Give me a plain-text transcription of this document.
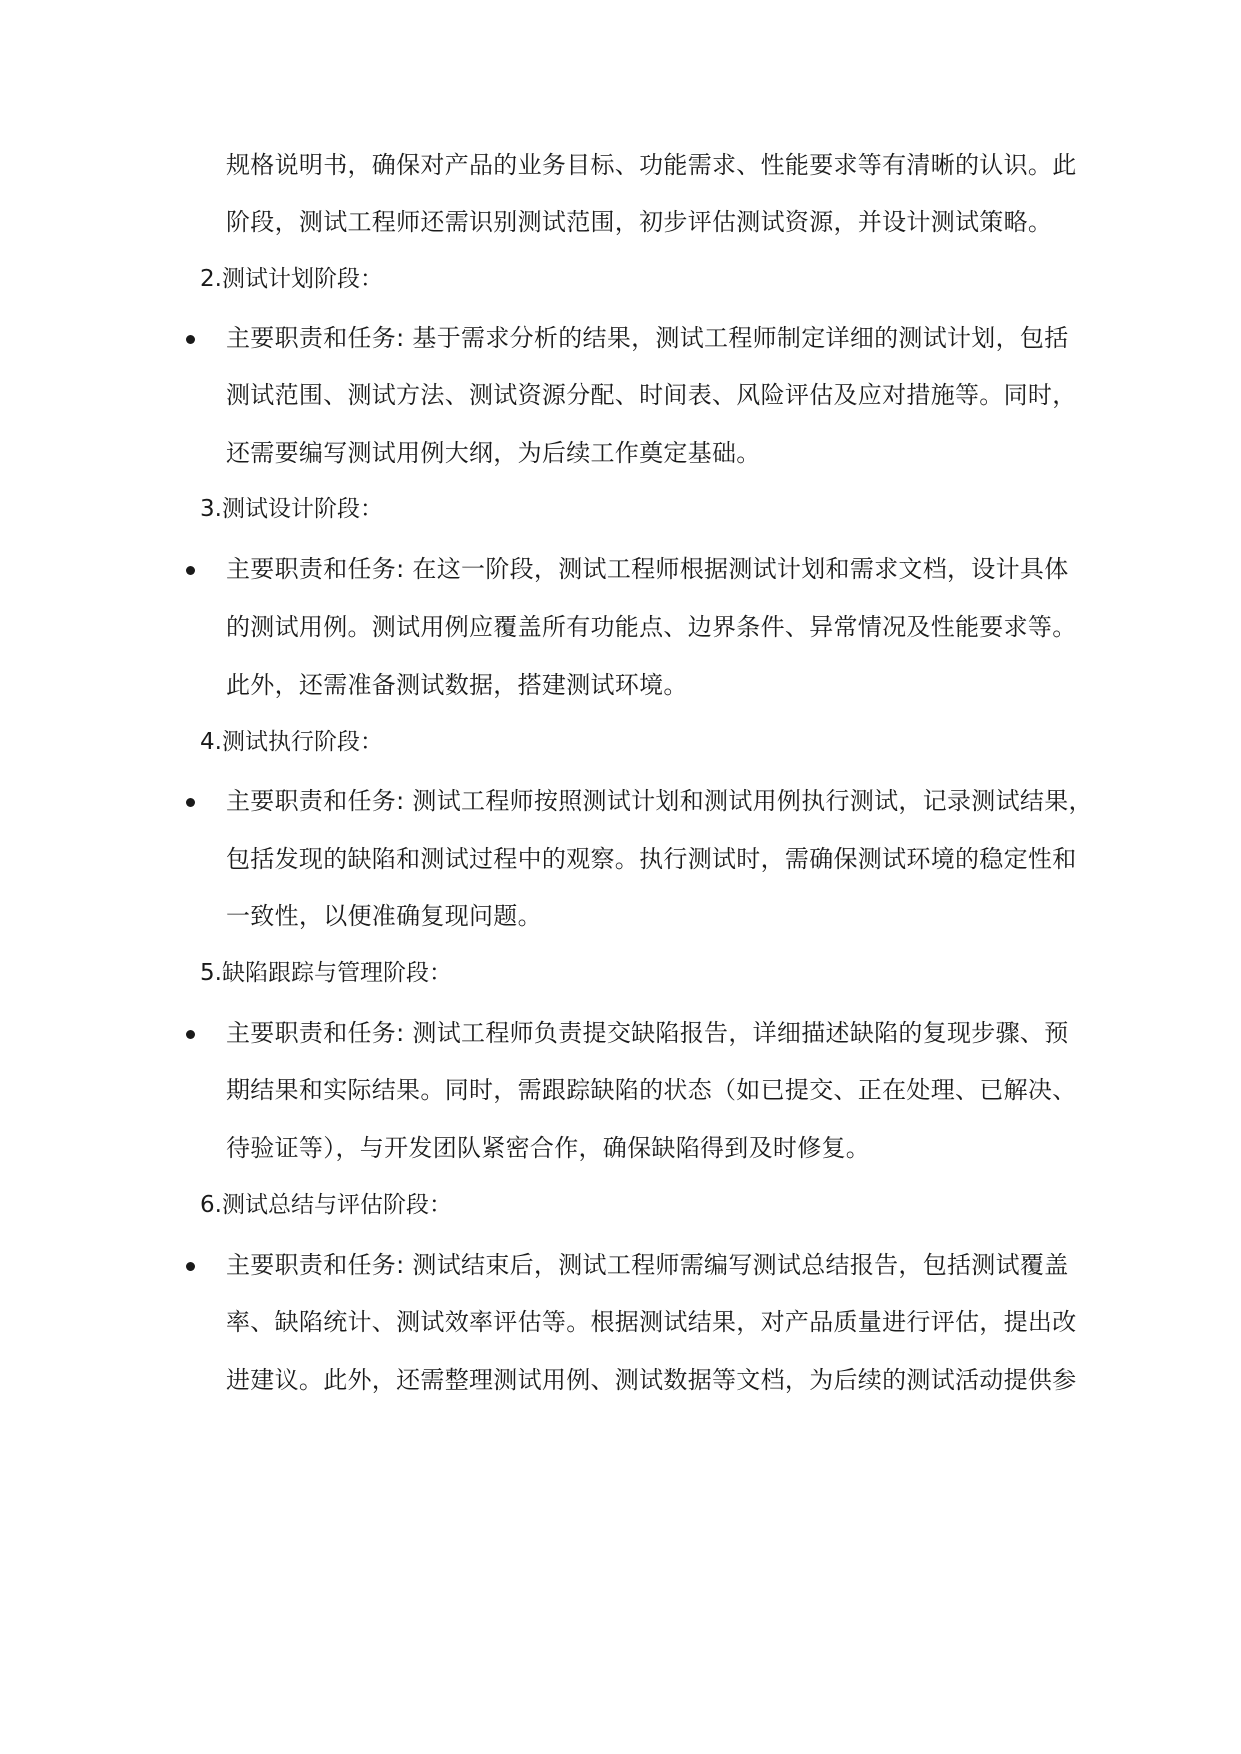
规格说明书，确保对产品的业务目标、功能需求、性能要求等有清晰的认识。此
阶段，测试工程师还需识别测试范围，初步评估测试资源，并设计测试策略。
2.测试计划阶段：
主要职责和任务: 基于需求分析的结果，测试工程师制定详细的测试计划，包括
测试范围、测试方法、测试资源分配、时间表、风险评估及应对措施等。同时，
还需要编写测试用例大纲，为后续工作奠定基础。
3.测试设计阶段：
主要职责和任务: 在这一阶段，测试工程师根据测试计划和需求文档，设计具体
的测试用例。测试用例应覆盖所有功能点、边界条件、异常情况及性能要求等。
此外，还需准备测试数据，搭建测试环境。
4.测试执行阶段：
主要职责和任务: 测试工程师按照测试计划和测试用例执行测试，记录测试结果，
包括发现的缺陷和测试过程中的观察。执行测试时，需确保测试环境的稳定性和
一致性，以便准确复现问题。
5.缺陷跟踪与管理阶段：
主要职责和任务: 测试工程师负责提交缺陷报告，详细描述缺陷的复现步骤、预
期结果和实际结果。同时，需跟踪缺陷的状态（如已提交、正在处理、已解决、
待验证等），与开发团队紧密合作，确保缺陷得到及时修复。
6.测试总结与评估阶段：
主要职责和任务: 测试结束后，测试工程师需编写测试总结报告，包括测试覆盖
率、缺陷统计、测试效率评估等。根据测试结果，对产品质量进行评估，提出改
进建议。此外，还需整理测试用例、测试数据等文档，为后续的测试活动提供参
